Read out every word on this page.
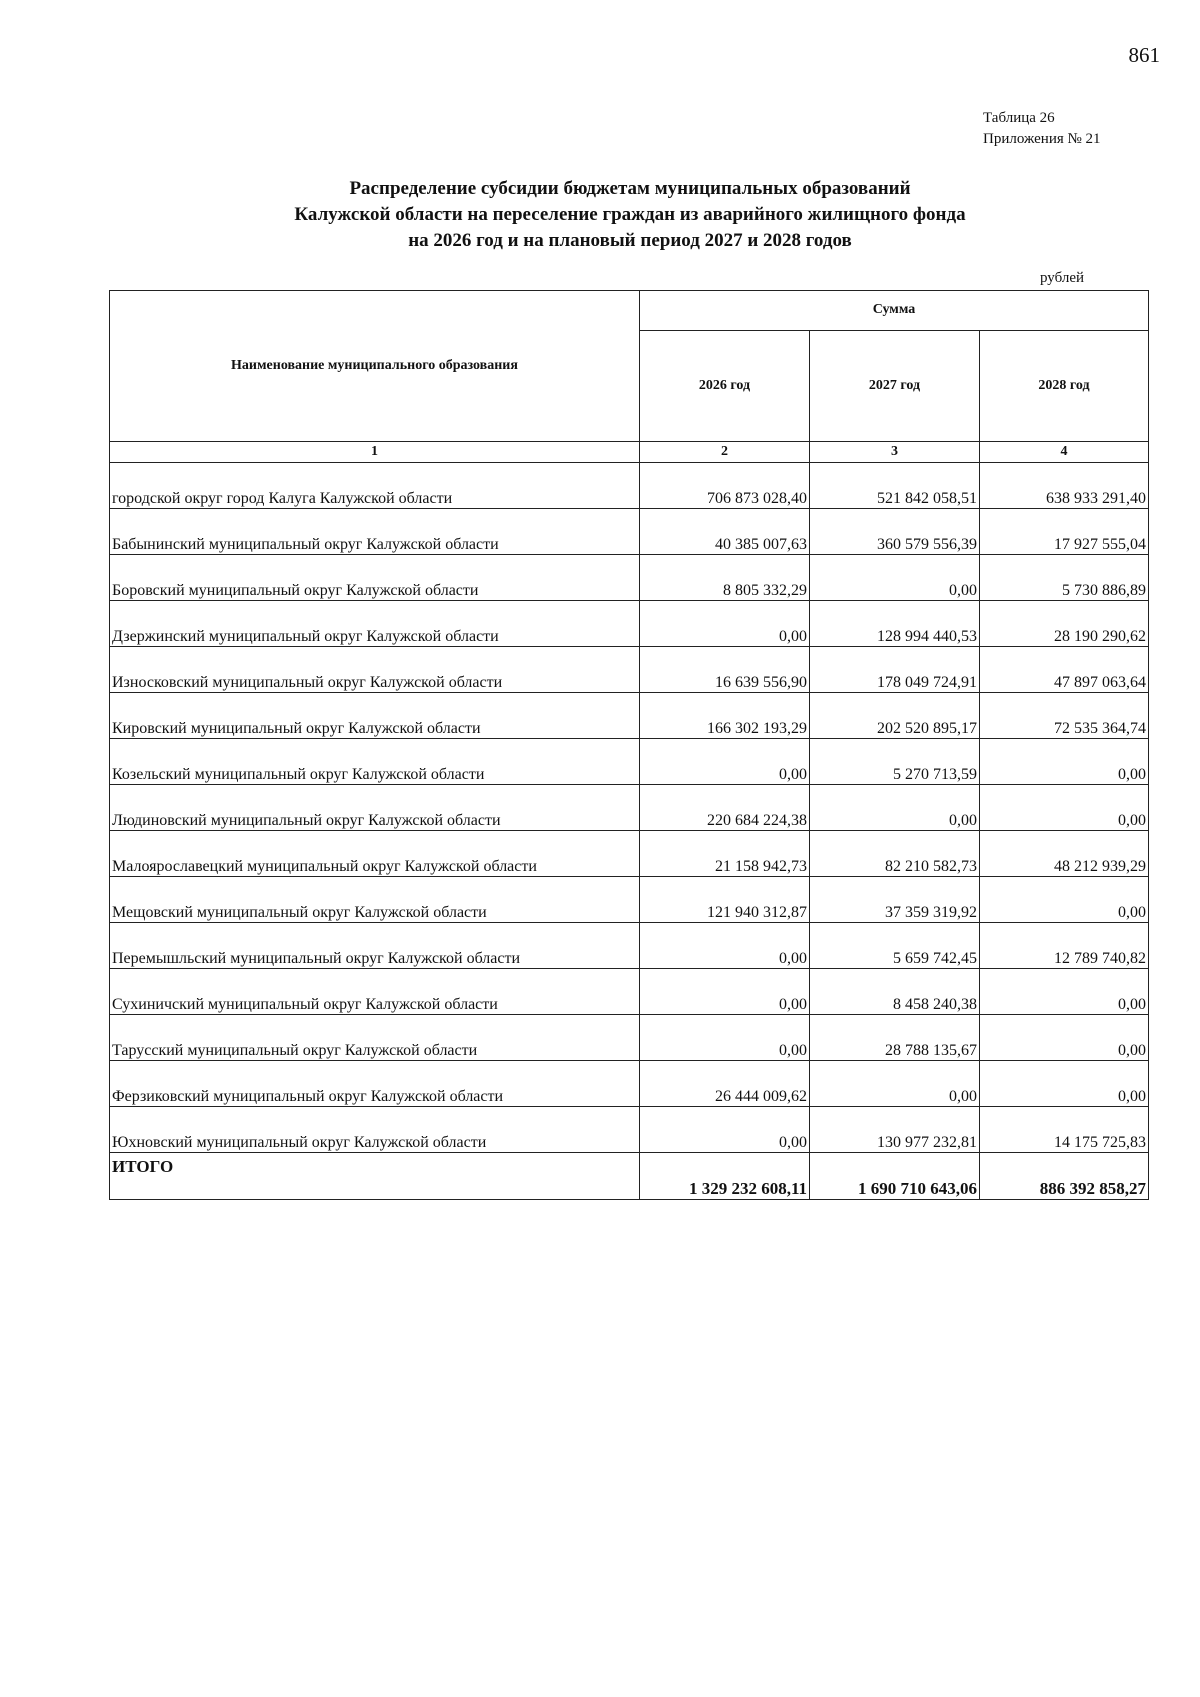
861
Таблица 26
Приложения № 21
Распределение субсидии бюджетам муниципальных образований
Калужской области на переселение граждан из аварийного жилищного фонда
на 2026 год и на плановый период 2027 и 2028 годов
рублей
Наименование муниципального образования	Сумма		
	2026 год	2027 год	2028 год
1	2	3	4
городской округ город Калуга Калужской области	706 873 028,40	521 842 058,51	638 933 291,40
Бабынинский муниципальный округ Калужской области	40 385 007,63	360 579 556,39	17 927 555,04
Боровский муниципальный округ Калужской области	8 805 332,29	0,00	5 730 886,89
Дзержинский муниципальный округ Калужской области	0,00	128 994 440,53	28 190 290,62
Износковский муниципальный округ Калужской области	16 639 556,90	178 049 724,91	47 897 063,64
Кировский муниципальный округ Калужской области	166 302 193,29	202 520 895,17	72 535 364,74
Козельский муниципальный округ Калужской области	0,00	5 270 713,59	0,00
Людиновский муниципальный округ Калужской области	220 684 224,38	0,00	0,00
Малоярославецкий муниципальный округ Калужской области	21 158 942,73	82 210 582,73	48 212 939,29
Мещовский муниципальный округ Калужской области	121 940 312,87	37 359 319,92	0,00
Перемышльский муниципальный округ Калужской области	0,00	5 659 742,45	12 789 740,82
Сухиничский муниципальный округ Калужской области	0,00	8 458 240,38	0,00
Тарусский муниципальный округ Калужской области	0,00	28 788 135,67	0,00
Ферзиковский муниципальный округ Калужской области	26 444 009,62	0,00	0,00
Юхновский муниципальный округ Калужской области	0,00	130 977 232,81	14 175 725,83
ИТОГО	1 329 232 608,11	1 690 710 643,06	886 392 858,27
